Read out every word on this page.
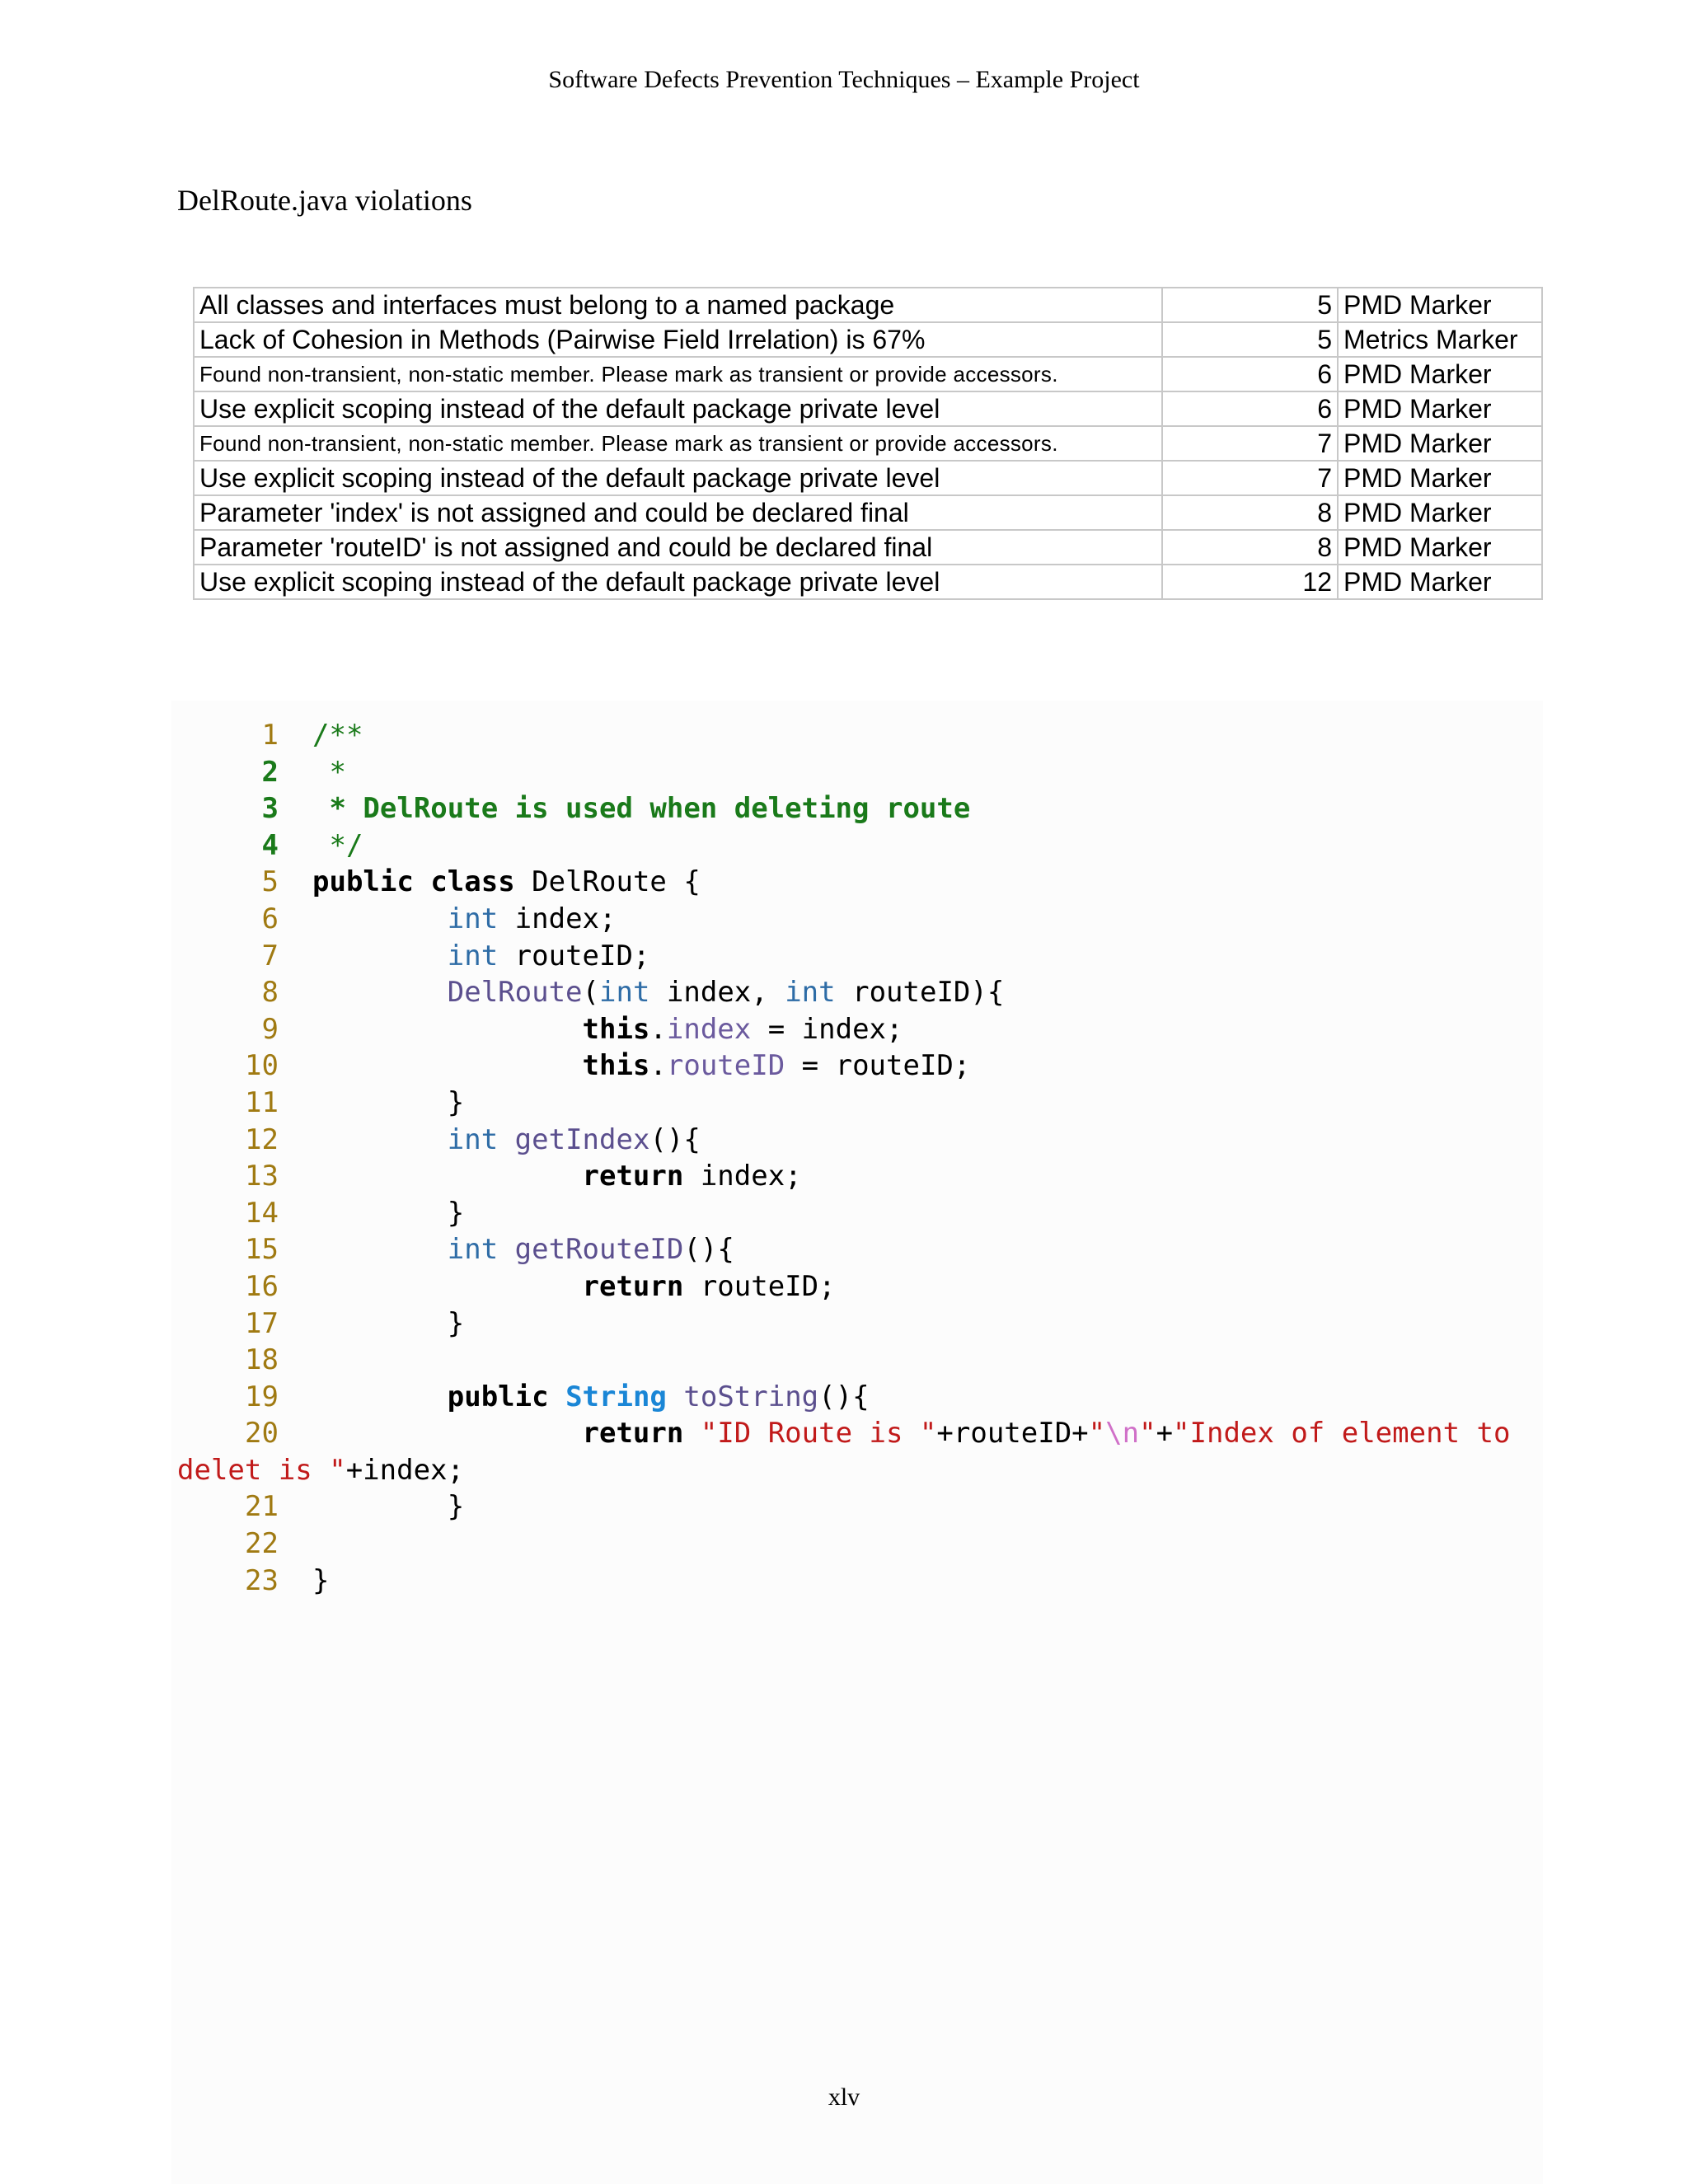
Software Defects Prevention Techniques – Example Project
DelRoute.java violations
All classes and interfaces must belong to a named package	5	PMD Marker
Lack of Cohesion in Methods (Pairwise Field Irrelation) is 67%	5	Metrics Marker
Found non-transient, non-static member. Please mark as transient or provide accessors.	6	PMD Marker
Use explicit scoping instead of the default package private level	6	PMD Marker
Found non-transient, non-static member. Please mark as transient or provide accessors.	7	PMD Marker
Use explicit scoping instead of the default package private level	7	PMD Marker
Parameter 'index' is not assigned and could be declared final	8	PMD Marker
Parameter 'routeID' is not assigned and could be declared final	8	PMD Marker
Use explicit scoping instead of the default package private level	12	PMD Marker
1 /**
2 *
3 * DelRoute is used when deleting route
4 */
5 public class DelRoute {
6	int index;
7	int routeID;
8	DelRoute(int index, int routeID){
9	this.index = index;
10	this.routeID = routeID;
11        }
12	int getIndex(){
13	return index;
14        }
15	int getRouteID(){
16	return routeID;
17        }
18
19	public String toString(){
20	return "ID Route is "+routeID+"\n"+"Index of element to
delet is "+index;
21        }
22
23 }
xlv
